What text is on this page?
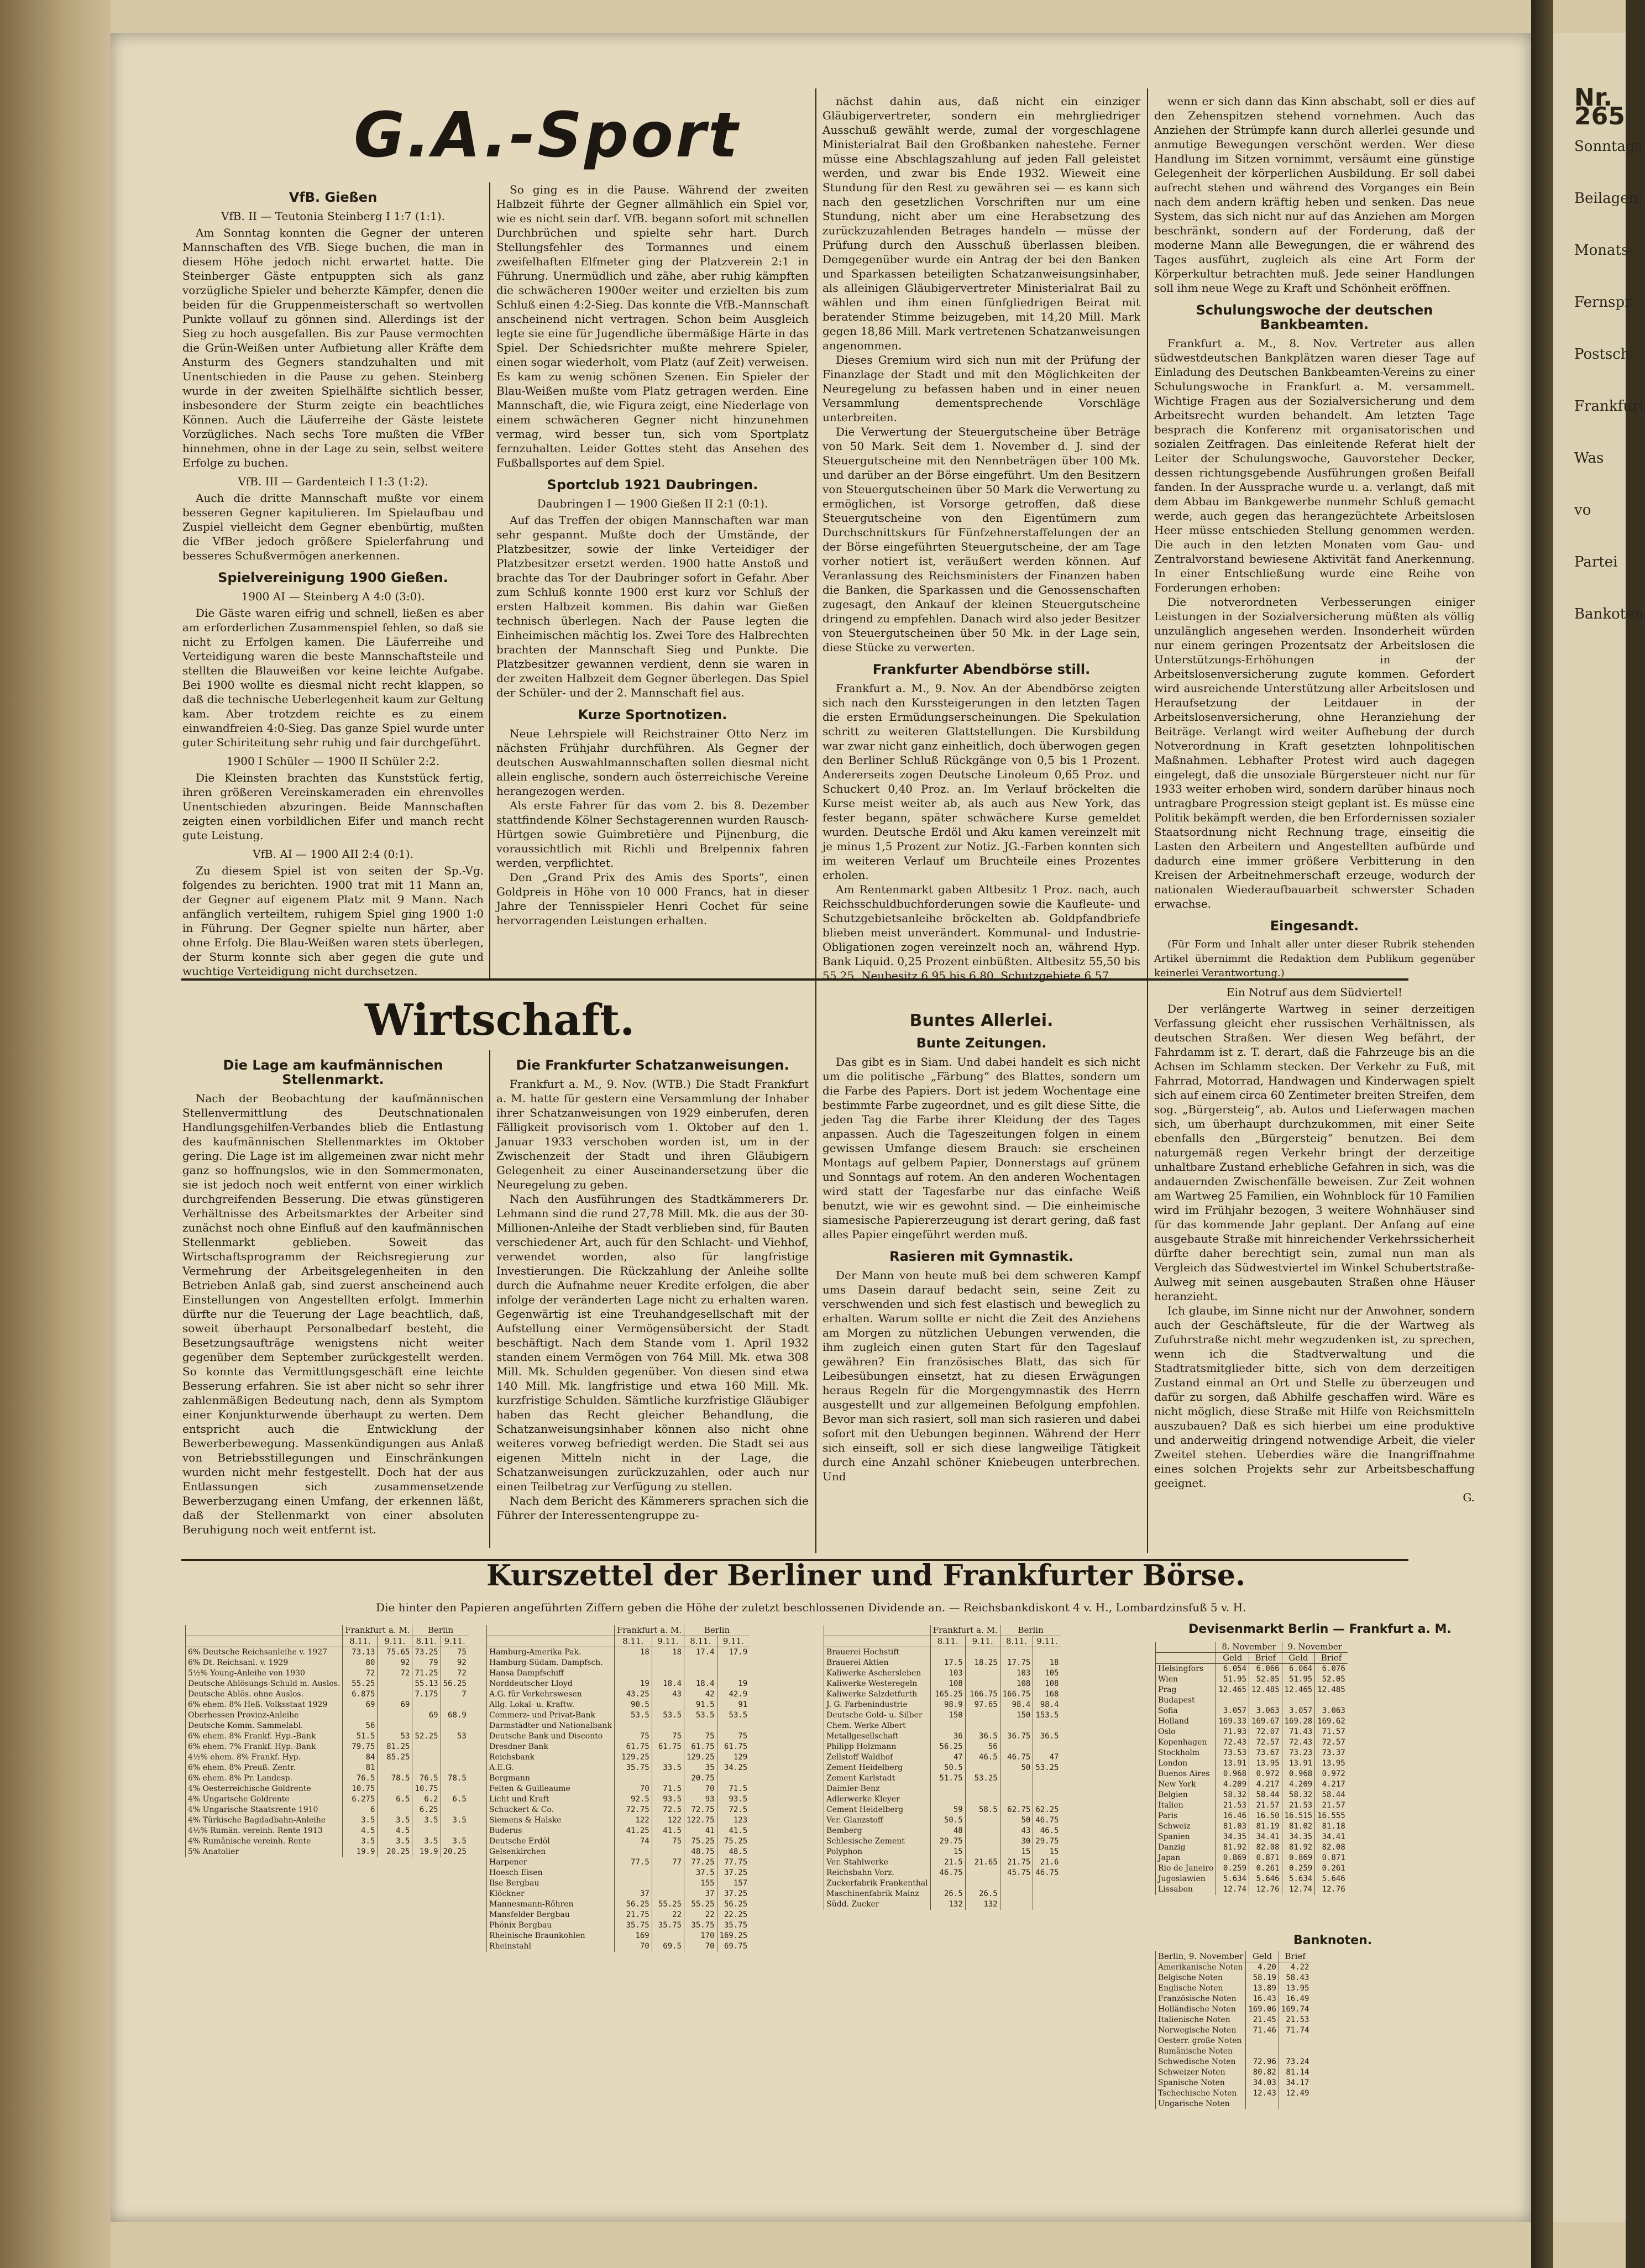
Nr. 265
Sonntags
Beilagen:
Monats-
Fernspr.
Postsch.
Frankfurt
Was
vo
Partei
Bankoten
G.A.-Sport
VfB. Gießen
VfB. II — Teutonia Steinberg I 1:7 (1:1).

Am Sonntag konnten die Gegner der unteren Mannschaften des VfB. Siege buchen, die man in diesem Höhe jedoch nicht erwartet hatte. Die Steinberger Gäste entpuppten sich als ganz vorzügliche Spieler und beherzte Kämpfer, denen die beiden für die Gruppenmeisterschaft so wertvollen Punkte vollauf zu gönnen sind. Allerdings ist der Sieg zu hoch ausgefallen. Bis zur Pause vermochten die Grün-Weißen unter Aufbietung aller Kräfte dem Ansturm des Gegners standzuhalten und mit Unentschieden in die Pause zu gehen. Steinberg wurde in der zweiten Spielhälfte sichtlich besser, insbesondere der Sturm zeigte ein beachtliches Können. Auch die Läuferreihe der Gäste leistete Vorzügliches. Nach sechs Tore mußten die VfBer hinnehmen, ohne in der Lage zu sein, selbst weitere Erfolge zu buchen.

VfB. III — Gardenteich I 1:3 (1:2).

Auch die dritte Mannschaft mußte vor einem besseren Gegner kapitulieren. Im Spielaufbau und Zuspiel vielleicht dem Gegner ebenbürtig, mußten die VfBer jedoch größere Spielerfahrung und besseres Schußvermögen anerkennen.

Spielvereinigung 1900 Gießen.
1900 AI — Steinberg A 4:0 (3:0).

Die Gäste waren eifrig und schnell, ließen es aber am erforderlichen Zusammenspiel fehlen, so daß sie nicht zu Erfolgen kamen. Die Läuferreihe und Verteidigung waren die beste Mannschaftsteile und stellten die Blauweißen vor keine leichte Aufgabe. Bei 1900 wollte es diesmal nicht recht klappen, so daß die technische Ueberlegenheit kaum zur Geltung kam. Aber trotzdem reichte es zu einem einwandfreien 4:0-Sieg. Das ganze Spiel wurde unter guter Schiriteitung sehr ruhig und fair durchgeführt.

1900 I Schüler — 1900 II Schüler 2:2.

Die Kleinsten brachten das Kunststück fertig, ihren größeren Vereinskameraden ein ehrenvolles Unentschieden abzuringen. Beide Mannschaften zeigten einen vorbildlichen Eifer und manch recht gute Leistung.

VfB. AI — 1900 AII 2:4 (0:1).

Zu diesem Spiel ist von seiten der Sp.-Vg. folgendes zu berichten. 1900 trat mit 11 Mann an, der Gegner auf eigenem Platz mit 9 Mann. Nach anfänglich verteiltem, ruhigem Spiel ging 1900 1:0 in Führung. Der Gegner spielte nun härter, aber ohne Erfolg. Die Blau-Weißen waren stets überlegen, der Sturm konnte sich aber gegen die gute und wuchtige Verteidigung nicht durchsetzen.

So ging es in die Pause. Während der zweiten Halbzeit führte der Gegner allmählich ein Spiel vor, wie es nicht sein darf. VfB. begann sofort mit schnellen Durchbrüchen und spielte sehr hart. Durch Stellungsfehler des Tormannes und einem zweifelhaften Elfmeter ging der Platzverein 2:1 in Führung. Unermüdlich und zähe, aber ruhig kämpften die schwächeren 1900er weiter und erzielten bis zum Schluß einen 4:2-Sieg. Das konnte die VfB.-Mannschaft anscheinend nicht vertragen. Schon beim Ausgleich legte sie eine für Jugendliche übermäßige Härte in das Spiel. Der Schiedsrichter mußte mehrere Spieler, einen sogar wiederholt, vom Platz (auf Zeit) verweisen. Es kam zu wenig schönen Szenen. Ein Spieler der Blau-Weißen mußte vom Platz getragen werden. Eine Mannschaft, die, wie Figura zeigt, eine Niederlage von einem schwächeren Gegner nicht hinzunehmen vermag, wird besser tun, sich vom Sportplatz fernzuhalten. Leider Gottes steht das Ansehen des Fußballsportes auf dem Spiel.

Sportclub 1921 Daubringen.
Daubringen I — 1900 Gießen II 2:1 (0:1).

Auf das Treffen der obigen Mannschaften war man sehr gespannt. Mußte doch der Umstände, der Platzbesitzer, sowie der linke Verteidiger der Platzbesitzer ersetzt werden. 1900 hatte Anstoß und brachte das Tor der Daubringer sofort in Gefahr. Aber zum Schluß konnte 1900 erst kurz vor Schluß der ersten Halbzeit kommen. Bis dahin war Gießen technisch überlegen. Nach der Pause legten die Einheimischen mächtig los. Zwei Tore des Halbrechten brachten der Mannschaft Sieg und Punkte. Die Platzbesitzer gewannen verdient, denn sie waren in der zweiten Halbzeit dem Gegner überlegen. Das Spiel der Schüler- und der 2. Mannschaft fiel aus.

Kurze Sportnotizen.

Neue Lehrspiele will Reichstrainer Otto Nerz im nächsten Frühjahr durchführen. Als Gegner der deutschen Auswahlmannschaften sollen diesmal nicht allein englische, sondern auch österreichische Vereine herangezogen werden.

Als erste Fahrer für das vom 2. bis 8. Dezember stattfindende Kölner Sechstagerennen wurden Rausch-Hürtgen sowie Guimbretière und Pijnenburg, die voraussichtlich mit Richli und Brelpennix fahren werden, verpflichtet.

Den „Grand Prix des Amis des Sports“, einen Goldpreis in Höhe von 10 000 Francs, hat in dieser Jahre der Tennisspieler Henri Cochet für seine hervorragenden Leistungen erhalten.

nächst dahin aus, daß nicht ein einziger Gläubigervertreter, sondern ein mehrgliedriger Ausschuß gewählt werde, zumal der vorgeschlagene Ministerialrat Bail den Großbanken nahestehe. Ferner müsse eine Abschlagszahlung auf jeden Fall geleistet werden, und zwar bis Ende 1932. Wieweit eine Stundung für den Rest zu gewähren sei — es kann sich nach den gesetzlichen Vorschriften nur um eine Stundung, nicht aber um eine Herabsetzung des zurückzuzahlenden Betrages handeln — müsse der Prüfung durch den Ausschuß überlassen bleiben. Demgegenüber wurde ein Antrag der bei den Banken und Sparkassen beteiligten Schatzanweisungsinhaber, als alleinigen Gläubigervertreter Ministerialrat Bail zu wählen und ihm einen fünfgliedrigen Beirat mit beratender Stimme beizugeben, mit 14,20 Mill. Mark gegen 18,86 Mill. Mark vertretenen Schatzanweisungen angenommen.

Dieses Gremium wird sich nun mit der Prüfung der Finanzlage der Stadt und mit den Möglichkeiten der Neuregelung zu befassen haben und in einer neuen Versammlung dementsprechende Vorschläge unterbreiten.

Die Verwertung der Steuergutscheine über Beträge von 50 Mark. Seit dem 1. November d. J. sind der Steuergutscheine mit den Nennbeträgen über 100 Mk. und darüber an der Börse eingeführt. Um den Besitzern von Steuergutscheinen über 50 Mark die Verwertung zu ermöglichen, ist Vorsorge getroffen, daß diese Steuergutscheine von den Eigentümern zum Durchschnittskurs für Fünfzehnerstaffelungen der an der Börse eingeführten Steuergutscheine, der am Tage vorher notiert ist, veräußert werden können. Auf Veranlassung des Reichsministers der Finanzen haben die Banken, die Sparkassen und die Genossenschaften zugesagt, den Ankauf der kleinen Steuergutscheine dringend zu empfehlen. Danach wird also jeder Besitzer von Steuergutscheinen über 50 Mk. in der Lage sein, diese Stücke zu verwerten.

Frankfurter Abendbörse still.

Frankfurt a. M., 9. Nov. An der Abendbörse zeigten sich nach den Kurssteigerungen in den letzten Tagen die ersten Ermüdungserscheinungen. Die Spekulation schritt zu weiteren Glattstellungen. Die Kursbildung war zwar nicht ganz einheitlich, doch überwogen gegen den Berliner Schluß Rückgänge von 0,5 bis 1 Prozent. Andererseits zogen Deutsche Linoleum 0,65 Proz. und Schuckert 0,40 Proz. an. Im Verlauf bröckelten die Kurse meist weiter ab, als auch aus New York, das fester begann, später schwächere Kurse gemeldet wurden. Deutsche Erdöl und Aku kamen vereinzelt mit je minus 1,5 Prozent zur Notiz. JG.-Farben konnten sich im weiteren Verlauf um Bruchteile eines Prozentes erholen.

Am Rentenmarkt gaben Altbesitz 1 Proz. nach, auch Reichsschuldbuchforderungen sowie die Kaufleute- und Schutzgebietsanleihe bröckelten ab. Goldpfandbriefe blieben meist unverändert. Kommunal- und Industrie-Obligationen zogen vereinzelt noch an, während Hyp. Bank Liquid. 0,25 Prozent einbüßten. Altbesitz 55,50 bis 55,25, Neubesitz 6,95 bis 6,80, Schutzgebiete 6,57.

wenn er sich dann das Kinn abschabt, soll er dies auf den Zehenspitzen stehend vornehmen. Auch das Anziehen der Strümpfe kann durch allerlei gesunde und anmutige Bewegungen verschönt werden. Wer diese Handlung im Sitzen vornimmt, versäumt eine günstige Gelegenheit der körperlichen Ausbildung. Er soll dabei aufrecht stehen und während des Vorganges ein Bein nach dem andern kräftig heben und senken. Das neue System, das sich nicht nur auf das Anziehen am Morgen beschränkt, sondern auf der Forderung, daß der moderne Mann alle Bewegungen, die er während des Tages ausführt, zugleich als eine Art Form der Körperkultur betrachten muß. Jede seiner Handlungen soll ihm neue Wege zu Kraft und Schönheit eröffnen.

Schulungswoche der deutschen Bankbeamten.

Frankfurt a. M., 8. Nov. Vertreter aus allen südwestdeutschen Bankplätzen waren dieser Tage auf Einladung des Deutschen Bankbeamten-Vereins zu einer Schulungswoche in Frankfurt a. M. versammelt. Wichtige Fragen aus der Sozialversicherung und dem Arbeitsrecht wurden behandelt. Am letzten Tage besprach die Konferenz mit organisatorischen und sozialen Zeitfragen. Das einleitende Referat hielt der Leiter der Schulungswoche, Gauvorsteher Decker, dessen richtungsgebende Ausführungen großen Beifall fanden. In der Aussprache wurde u. a. verlangt, daß mit dem Abbau im Bankgewerbe nunmehr Schluß gemacht werde, auch gegen das herangezüchtete Arbeitslosen Heer müsse entschieden Stellung genommen werden. Die auch in den letzten Monaten vom Gau- und Zentralvorstand bewiesene Aktivität fand Anerkennung. In einer Entschließung wurde eine Reihe von Forderungen erhoben:

Die notverordneten Verbesserungen einiger Leistungen in der Sozialversicherung müßten als völlig unzulänglich angesehen werden. Insonderheit würden nur einem geringen Prozentsatz der Arbeitslosen die Unterstützungs-Erhöhungen in der Arbeitslosenversicherung zugute kommen. Gefordert wird ausreichende Unterstützung aller Arbeitslosen und Heraufsetzung der Leitdauer in der Arbeitslosenversicherung, ohne Heranziehung der Beiträge. Verlangt wird weiter Aufhebung der durch Notverordnung in Kraft gesetzten lohnpolitischen Maßnahmen. Lebhafter Protest wird auch dagegen eingelegt, daß die unsoziale Bürgersteuer nicht nur für 1933 weiter erhoben wird, sondern darüber hinaus noch untragbare Progression steigt geplant ist. Es müsse eine Politik bekämpft werden, die ben Erfordernissen sozialer Staatsordnung nicht Rechnung trage, einseitig die Lasten den Arbeitern und Angestellten aufbürde und dadurch eine immer größere Verbitterung in den Kreisen der Arbeitnehmerschaft erzeuge, wodurch der nationalen Wiederaufbauarbeit schwerster Schaden erwachse.

Eingesandt.

(Für Form und Inhalt aller unter dieser Rubrik stehenden Artikel übernimmt die Redaktion dem Publikum gegenüber keinerlei Verantwortung.)

Ein Notruf aus dem Südviertel!

Der verlängerte Wartweg in seiner derzeitigen Verfassung gleicht eher russischen Verhältnissen, als deutschen Straßen. Wer diesen Weg befährt, der Fahrdamm ist z. T. derart, daß die Fahrzeuge bis an die Achsen im Schlamm stecken. Der Verkehr zu Fuß, mit Fahrrad, Motorrad, Handwagen und Kinderwagen spielt sich auf einem circa 60 Zentimeter breiten Streifen, dem sog. „Bürgersteig“, ab. Autos und Lieferwagen machen sich, um überhaupt durchzukommen, mit einer Seite ebenfalls den „Bürgersteig“ benutzen. Bei dem naturgemäß regen Verkehr bringt der derzeitige unhaltbare Zustand erhebliche Gefahren in sich, was die andauernden Zwischenfälle beweisen. Zur Zeit wohnen am Wartweg 25 Familien, ein Wohnblock für 10 Familien wird im Frühjahr bezogen, 3 weitere Wohnhäuser sind für das kommende Jahr geplant. Der Anfang auf eine ausgebaute Straße mit hinreichender Verkehrssicherheit dürfte daher berechtigt sein, zumal nun man als Vergleich das Südwestviertel im Winkel Schubertstraße-Aulweg mit seinen ausgebauten Straßen ohne Häuser heranzieht.

Ich glaube, im Sinne nicht nur der Anwohner, sondern auch der Geschäftsleute, für die der Wartweg als Zufuhrstraße nicht mehr wegzudenken ist, zu sprechen, wenn ich die Stadtverwaltung und die Stadtratsmitglieder bitte, sich von dem derzeitigen Zustand einmal an Ort und Stelle zu überzeugen und dafür zu sorgen, daß Abhilfe geschaffen wird. Wäre es nicht möglich, diese Straße mit Hilfe von Reichsmitteln auszubauen? Daß es sich hierbei um eine produktive und anderweitig dringend notwendige Arbeit, die vieler Zweitel stehen. Ueberdies wäre die Inangriffnahme eines solchen Projekts sehr zur Arbeitsbeschaffung geeignet.

G.
Wirtschaft.
Die Lage am kaufmännischen Stellenmarkt.

Nach der Beobachtung der kaufmännischen Stellenvermittlung des Deutschnationalen Handlungsgehilfen-Verbandes blieb die Entlastung des kaufmännischen Stellenmarktes im Oktober gering. Die Lage ist im allgemeinen zwar nicht mehr ganz so hoffnungslos, wie in den Sommermonaten, sie ist jedoch noch weit entfernt von einer wirklich durchgreifenden Besserung. Die etwas günstigeren Verhältnisse des Arbeitsmarktes der Arbeiter sind zunächst noch ohne Einfluß auf den kaufmännischen Stellenmarkt geblieben. Soweit das Wirtschaftsprogramm der Reichsregierung zur Vermehrung der Arbeitsgelegenheiten in den Betrieben Anlaß gab, sind zuerst anscheinend auch Einstellungen von Angestellten erfolgt. Immerhin dürfte nur die Teuerung der Lage beachtlich, daß, soweit überhaupt Personalbedarf besteht, die Besetzungsaufträge wenigstens nicht weiter gegenüber dem September zurückgestellt werden. So konnte das Vermittlungsgeschäft eine leichte Besserung erfahren. Sie ist aber nicht so sehr ihrer zahlenmäßigen Bedeutung nach, denn als Symptom einer Konjunkturwende überhaupt zu werten. Dem entspricht auch die Entwicklung der Bewerberbewegung. Massenkündigungen aus Anlaß von Betriebsstillegungen und Einschränkungen wurden nicht mehr festgestellt. Doch hat der aus Entlassungen sich zusammensetzende Bewerberzugang einen Umfang, der erkennen läßt, daß der Stellenmarkt von einer absoluten Beruhigung noch weit entfernt ist.

Die Frankfurter Schatzanweisungen.

Frankfurt a. M., 9. Nov. (WTB.) Die Stadt Frankfurt a. M. hatte für gestern eine Versammlung der Inhaber ihrer Schatzanweisungen von 1929 einberufen, deren Fälligkeit provisorisch vom 1. Oktober auf den 1. Januar 1933 verschoben worden ist, um in der Zwischenzeit der Stadt und ihren Gläubigern Gelegenheit zu einer Auseinandersetzung über die Neuregelung zu geben.

Nach den Ausführungen des Stadtkämmerers Dr. Lehmann sind die rund 27,78 Mill. Mk. die aus der 30-Millionen-Anleihe der Stadt verblieben sind, für Bauten verschiedener Art, auch für den Schlacht- und Viehhof, verwendet worden, also für langfristige Investierungen. Die Rückzahlung der Anleihe sollte durch die Aufnahme neuer Kredite erfolgen, die aber infolge der veränderten Lage nicht zu erhalten waren. Gegenwärtig ist eine Treuhandgesellschaft mit der Aufstellung einer Vermögensübersicht der Stadt beschäftigt. Nach dem Stande vom 1. April 1932 standen einem Vermögen von 764 Mill. Mk. etwa 308 Mill. Mk. Schulden gegenüber. Von diesen sind etwa 140 Mill. Mk. langfristige und etwa 160 Mill. Mk. kurzfristige Schulden. Sämtliche kurzfristige Gläubiger haben das Recht gleicher Behandlung, die Schatzanweisungsinhaber können also nicht ohne weiteres vorweg befriedigt werden. Die Stadt sei aus eigenen Mitteln nicht in der Lage, die Schatzanweisungen zurückzuzahlen, oder auch nur einen Teilbetrag zur Verfügung zu stellen.

Nach dem Bericht des Kämmerers sprachen sich die Führer der Interessentengruppe zu-

Buntes Allerlei.
Bunte Zeitungen.

Das gibt es in Siam. Und dabei handelt es sich nicht um die politische „Färbung“ des Blattes, sondern um die Farbe des Papiers. Dort ist jedem Wochentage eine bestimmte Farbe zugeordnet, und es gilt diese Sitte, die jeden Tag die Farbe ihrer Kleidung der des Tages anpassen. Auch die Tageszeitungen folgen in einem gewissen Umfange diesem Brauch: sie erscheinen Montags auf gelbem Papier, Donnerstags auf grünem und Sonntags auf rotem. An den anderen Wochentagen wird statt der Tagesfarbe nur das einfache Weiß benutzt, wie wir es gewohnt sind. — Die einheimische siamesische Papiererzeugung ist derart gering, daß fast alles Papier eingeführt werden muß.

Rasieren mit Gymnastik.

Der Mann von heute muß bei dem schweren Kampf ums Dasein darauf bedacht sein, seine Zeit zu verschwenden und sich fest elastisch und beweglich zu erhalten. Warum sollte er nicht die Zeit des Anziehens am Morgen zu nützlichen Uebungen verwenden, die ihm zugleich einen guten Start für den Tageslauf gewähren? Ein französisches Blatt, das sich für Leibesübungen einsetzt, hat zu diesen Erwägungen heraus Regeln für die Morgengymnastik des Herrn ausgestellt und zur allgemeinen Befolgung empfohlen. Bevor man sich rasiert, soll man sich rasieren und dabei sofort mit den Uebungen beginnen. Während der Herr sich einseift, soll er sich diese langweilige Tätigkeit durch eine Anzahl schöner Kniebeugen unterbrechen. Und

Kurszettel der Berliner und Frankfurter Börse.
Die hinter den Papieren angeführten Ziffern geben die Höhe der zuletzt beschlossenen Dividende an. — Reichsbankdiskont 4 v. H., Lombardzinsfuß 5 v. H.
	Frankfurt a. M.		Berlin	
	8.11.	9.11.	8.11.	9.11.
6% Deutsche Reichsanleihe v. 1927	73.13	75.65	73.25	75
6% Dt. Reichsanl. v. 1929	80	92	79	92
5½% Young-Anleihe von 1930	72	72	71.25	72
Deutsche Ablösungs-Schuld m. Auslos.	55.25		55.13	56.25
Deutsche Ablös. ohne Auslos.	6.875		7.175	7
6% ehem. 8% Heß. Volksstaat 1929	69	69		
Oberhessen Provinz-Anleihe			69	68.9
Deutsche Komm. Sammelabl.	56			
6% ehem. 8% Frankf. Hyp.-Bank	51.5	53	52.25	53
6% ehem. 7% Frankf. Hyp.-Bank	79.75	81.25		
4½% ehem. 8% Frankf. Hyp.	84	85.25		
6% ehem. 8% Preuß. Zentr.	81			
6% ehem. 8% Pr. Landesp.	76.5	78.5	76.5	78.5
4% Oesterreichische Goldrente	10.75		10.75	
4% Ungarische Goldrente	6.275	6.5	6.2	6.5
4% Ungarische Staatsrente 1910	6		6.25	
4% Türkische Bagdadbahn-Anleihe	3.5	3.5	3.5	3.5
4½% Rumän. vereinh. Rente 1913	4.5	4.5		
4% Rumänische vereinh. Rente	3.5	3.5	3.5	3.5
5% Anatolier	19.9	20.25	19.9	20.25
	Frankfurt a. M.		Berlin	
	8.11.	9.11.	8.11.	9.11.
Hamburg-Amerika Pak.	18	18	17.4	17.9
Hamburg-Südam. Dampfsch.				
Hansa Dampfschiff				
Norddeutscher Lloyd	19	18.4	18.4	19
A.G. für Verkehrswesen	43.25	43	42	42.9
Allg. Lokal- u. Kraftw.	90.5		91.5	91
Commerz- und Privat-Bank	53.5	53.5	53.5	53.5
Darmstädter und Nationalbank				
Deutsche Bank und Disconto	75	75	75	75
Dresdner Bank	61.75	61.75	61.75	61.75
Reichsbank	129.25		129.25	129
A.E.G.	35.75	33.5	35	34.25
Bergmann			20.75	
Felten & Guilleaume	70	71.5	70	71.5
Licht und Kraft	92.5	93.5	93	93.5
Schuckert & Co.	72.75	72.5	72.75	72.5
Siemens & Halske	122	122	122.75	123
Buderus	41.25	41.5	41	41.5
Deutsche Erdöl	74	75	75.25	75.25
Gelsenkirchen			48.75	48.5
Harpener	77.5	77	77.25	77.75
Hoesch Eisen			37.5	37.25
Ilse Bergbau			155	157
Klöckner	37		37	37.25
Mannesmann-Röhren	56.25	55.25	55.25	56.25
Mansfelder Bergbau	21.75	22	22	22.25
Phönix Bergbau	35.75	35.75	35.75	35.75
Rheinische Braunkohlen	169		170	169.25
Rheinstahl	70	69.5	70	69.75
	Frankfurt a. M.		Berlin	
	8.11.	9.11.	8.11.	9.11.
Brauerei Hochstift				
Brauerei Aktien	17.5	18.25	17.75	18
Kaliwerke Aschersleben	103		103	105
Kaliwerke Westeregeln	108		108	108
Kaliwerke Salzdetfurth	165.25	166.75	166.75	168
J. G. Farbenindustrie	98.9	97.65	98.4	98.4
Deutsche Gold- u. Silber	150		150	153.5
Chem. Werke Albert				
Metallgesellschaft	36	36.5	36.75	36.5
Philipp Holzmann	56.25	56		
Zellstoff Waldhof	47	46.5	46.75	47
Zement Heidelberg	50.5		50	53.25
Zement Karlstadt	51.75	53.25		
Daimler-Benz				
Adlerwerke Kleyer				
Cement Heidelberg	59	58.5	62.75	62.25
Ver. Glanzstoff	50.5		50	46.75
Bemberg	48		43	46.5
Schlesische Zement	29.75		30	29.75
Polyphon	15		15	15
Ver. Stahlwerke	21.5	21.65	21.75	21.6
Reichsbahn Vorz.	46.75		45.75	46.75
Zuckerfabrik Frankenthal				
Maschinenfabrik Mainz	26.5	26.5		
Südd. Zucker	132	132		
Devisenmarkt Berlin — Frankfurt a. M.
	8. November		9. November	
	Geld	Brief	Geld	Brief
Helsingfors	6.054	6.066	6.064	6.076
Wien	51.95	52.05	51.95	52.05
Prag	12.465	12.485	12.465	12.485
Budapest				
Sofia	3.057	3.063	3.057	3.063
Holland	169.33	169.67	169.28	169.62
Oslo	71.93	72.07	71.43	71.57
Kopenhagen	72.43	72.57	72.43	72.57
Stockholm	73.53	73.67	73.23	73.37
London	13.91	13.95	13.91	13.95
Buenos Aires	0.968	0.972	0.968	0.972
New York	4.209	4.217	4.209	4.217
Belgien	58.32	58.44	58.32	58.44
Italien	21.53	21.57	21.53	21.57
Paris	16.46	16.50	16.515	16.555
Schweiz	81.03	81.19	81.02	81.18
Spanien	34.35	34.41	34.35	34.41
Danzig	81.92	82.08	81.92	82.08
Japan	0.869	0.871	0.869	0.871
Rio de Janeiro	0.259	0.261	0.259	0.261
Jugoslawien	5.634	5.646	5.634	5.646
Lissabon	12.74	12.76	12.74	12.76
Banknoten.
Berlin, 9. November	Geld	Brief
Amerikanische Noten	4.20	4.22
Belgische Noten	58.19	58.43
Englische Noten	13.89	13.95
Französische Noten	16.43	16.49
Holländische Noten	169.06	169.74
Italienische Noten	21.45	21.53
Norwegische Noten	71.46	71.74
Oesterr. große Noten		
Rumänische Noten		
Schwedische Noten	72.96	73.24
Schweizer Noten	80.82	81.14
Spanische Noten	34.03	34.17
Tschechische Noten	12.43	12.49
Ungarische Noten		
